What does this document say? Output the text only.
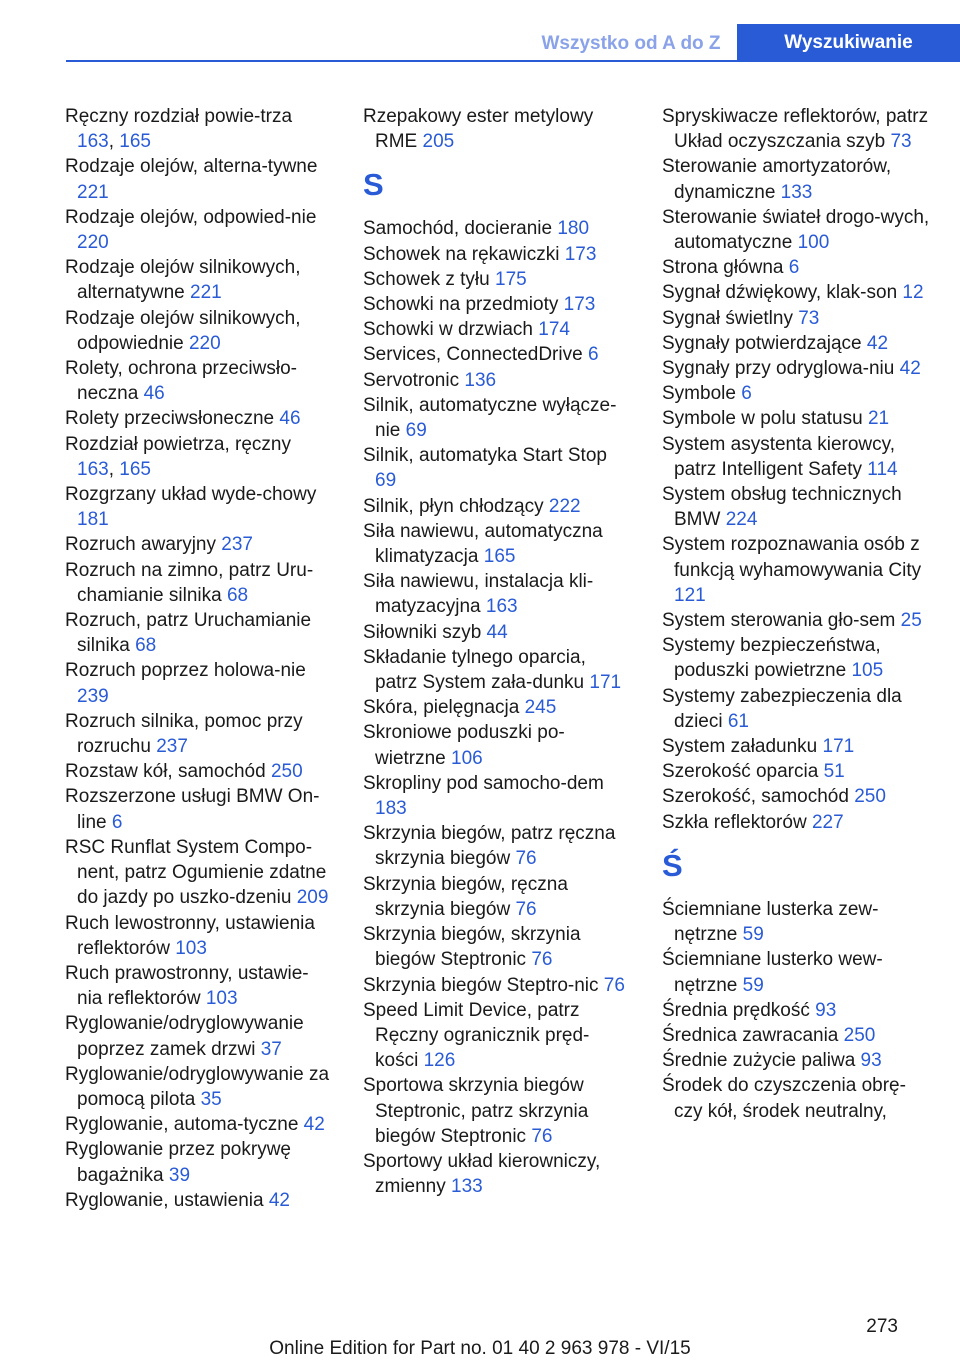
Wszystko od A do Z	Wyszukiwanie

Ręczny rozdział powie-trza 163, 165

Rodzaje olejów, alterna-tywne 221

Rodzaje olejów, odpowied-nie 220

Rodzaje olejów silnikowych, alternatywne 221

Rodzaje olejów silnikowych, odpowiednie 220

Rolety, ochrona przeciwsło-neczna 46

Rolety przeciwsłoneczne 46

Rozdział powietrza, ręczny 163, 165

Rozgrzany układ wyde-chowy 181

Rozruch awaryjny 237

Rozruch na zimno, patrz Uru-chamianie silnika 68

Rozruch, patrz Uruchamianie silnika 68

Rozruch poprzez holowa-nie 239

Rozruch silnika, pomoc przy rozruchu 237

Rozstaw kół, samochód 250

Rozszerzone usługi BMW On-line 6

RSC Runflat System Compo-nent, patrz Ogumienie zdatne do jazdy po uszko-dzeniu 209

Ruch lewostronny, ustawienia reflektorów 103

Ruch prawostronny, ustawie-nia reflektorów 103

Ryglowanie/odryglowywanie poprzez zamek drzwi 37

Ryglowanie/odryglowywanie za pomocą pilota 35

Ryglowanie, automa-tyczne 42

Ryglowanie przez pokrywę bagażnika 39

Ryglowanie, ustawienia 42

Rzepakowy ester metylowy RME 205

S

Samochód, docieranie 180

Schowek na rękawiczki 173

Schowek z tyłu 175

Schowki na przedmioty 173

Schowki w drzwiach 174

Services, ConnectedDrive 6

Servotronic 136

Silnik, automatyczne wyłącze-nie 69

Silnik, automatyka Start Stop 69

Silnik, płyn chłodzący 222

Siła nawiewu, automatyczna klimatyzacja 165

Siła nawiewu, instalacja kli-matyzacyjna 163

Siłowniki szyb 44

Składanie tylnego oparcia, patrz System zała-dunku 171

Skóra, pielęgnacja 245

Skroniowe poduszki po-wietrzne 106

Skropliny pod samocho-dem 183

Skrzynia biegów, patrz ręczna skrzynia biegów 76

Skrzynia biegów, ręczna skrzynia biegów 76

Skrzynia biegów, skrzynia biegów Steptronic 76

Skrzynia biegów Steptro-nic 76

Speed Limit Device, patrz Ręczny ogranicznik pręd-kości 126

Sportowa skrzynia biegów Steptronic, patrz skrzynia biegów Steptronic 76

Sportowy układ kierowniczy, zmienny 133

Spryskiwacze reflektorów, patrz Układ oczyszczania szyb 73

Sterowanie amortyzatorów, dynamiczne 133

Sterowanie świateł drogo-wych, automatyczne 100

Strona główna 6

Sygnał dźwiękowy, klak-son 12

Sygnał świetlny 73

Sygnały potwierdzające 42

Sygnały przy odryglowa-niu 42

Symbole 6

Symbole w polu statusu 21

System asystenta kierowcy, patrz Intelligent Safety 114

System obsług technicznych BMW 224

System rozpoznawania osób z funkcją wyhamowywania City 121

System sterowania gło-sem 25

Systemy bezpieczeństwa, poduszki powietrzne 105

Systemy zabezpieczenia dla dzieci 61

System załadunku 171

Szerokość oparcia 51

Szerokość, samochód 250

Szkła reflektorów 227

Ś

Ściemniane lusterka zew-nętrzne 59

Ściemniane lusterko wew-nętrzne 59

Średnia prędkość 93

Średnica zawracania 250

Średnie zużycie paliwa 93

Środek do czyszczenia obrę-czy kół, środek neutralny,

273
Online Edition for Part no. 01 40 2 963 978 - VI/15
